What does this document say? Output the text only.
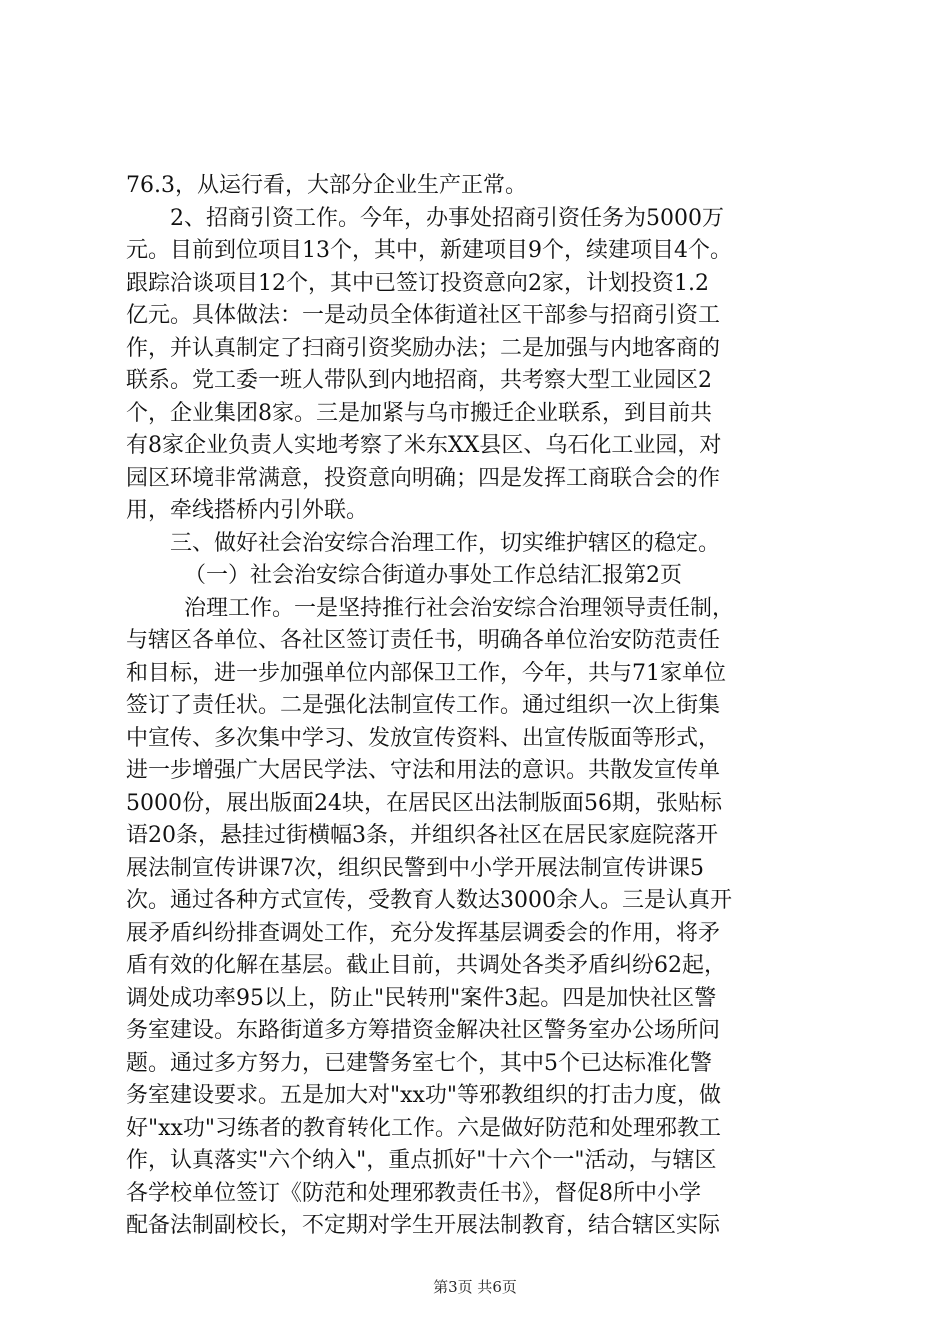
76.3，从运行看，大部分企业生产正常。
2、招商引资工作。今年，办事处招商引资任务为5000万
元。目前到位项目13个，其中，新建项目9个，续建项目4个。
跟踪洽谈项目12个，其中已签订投资意向2家，计划投资1.2
亿元。具体做法：一是动员全体街道社区干部参与招商引资工
作，并认真制定了扫商引资奖励办法；二是加强与内地客商的
联系。党工委一班人带队到内地招商，共考察大型工业园区2
个，企业集团8家。三是加紧与乌市搬迁企业联系，到目前共
有8家企业负责人实地考察了米东XX县区、乌石化工业园，对
园区环境非常满意，投资意向明确；四是发挥工商联合会的作
用，牵线搭桥内引外联。
三、做好社会治安综合治理工作，切实维护辖区的稳定。
（一）社会治安综合街道办事处工作总结汇报第2页
治理工作。一是坚持推行社会治安综合治理领导责任制，
与辖区各单位、各社区签订责任书，明确各单位治安防范责任
和目标，进一步加强单位内部保卫工作，今年，共与71家单位
签订了责任状。二是强化法制宣传工作。通过组织一次上街集
中宣传、多次集中学习、发放宣传资料、出宣传版面等形式，
进一步增强广大居民学法、守法和用法的意识。共散发宣传单
5000份，展出版面24块，在居民区出法制版面56期，张贴标
语20条，悬挂过街横幅3条，并组织各社区在居民家庭院落开
展法制宣传讲课7次，组织民警到中小学开展法制宣传讲课5
次。通过各种方式宣传，受教育人数达3000余人。三是认真开
展矛盾纠纷排查调处工作，充分发挥基层调委会的作用，将矛
盾有效的化解在基层。截止目前，共调处各类矛盾纠纷62起，
调处成功率95以上，防止"民转刑"案件3起。四是加快社区警
务室建设。东路街道多方筹措资金解决社区警务室办公场所问
题。通过多方努力，已建警务室七个，其中5个已达标准化警
务室建设要求。五是加大对"xx功"等邪教组织的打击力度，做
好"xx功"习练者的教育转化工作。六是做好防范和处理邪教工
作，认真落实"六个纳入"，重点抓好"十六个一"活动，与辖区
各学校单位签订《防范和处理邪教责任书》，督促8所中小学
配备法制副校长，不定期对学生开展法制教育，结合辖区实际
第3页 共6页
